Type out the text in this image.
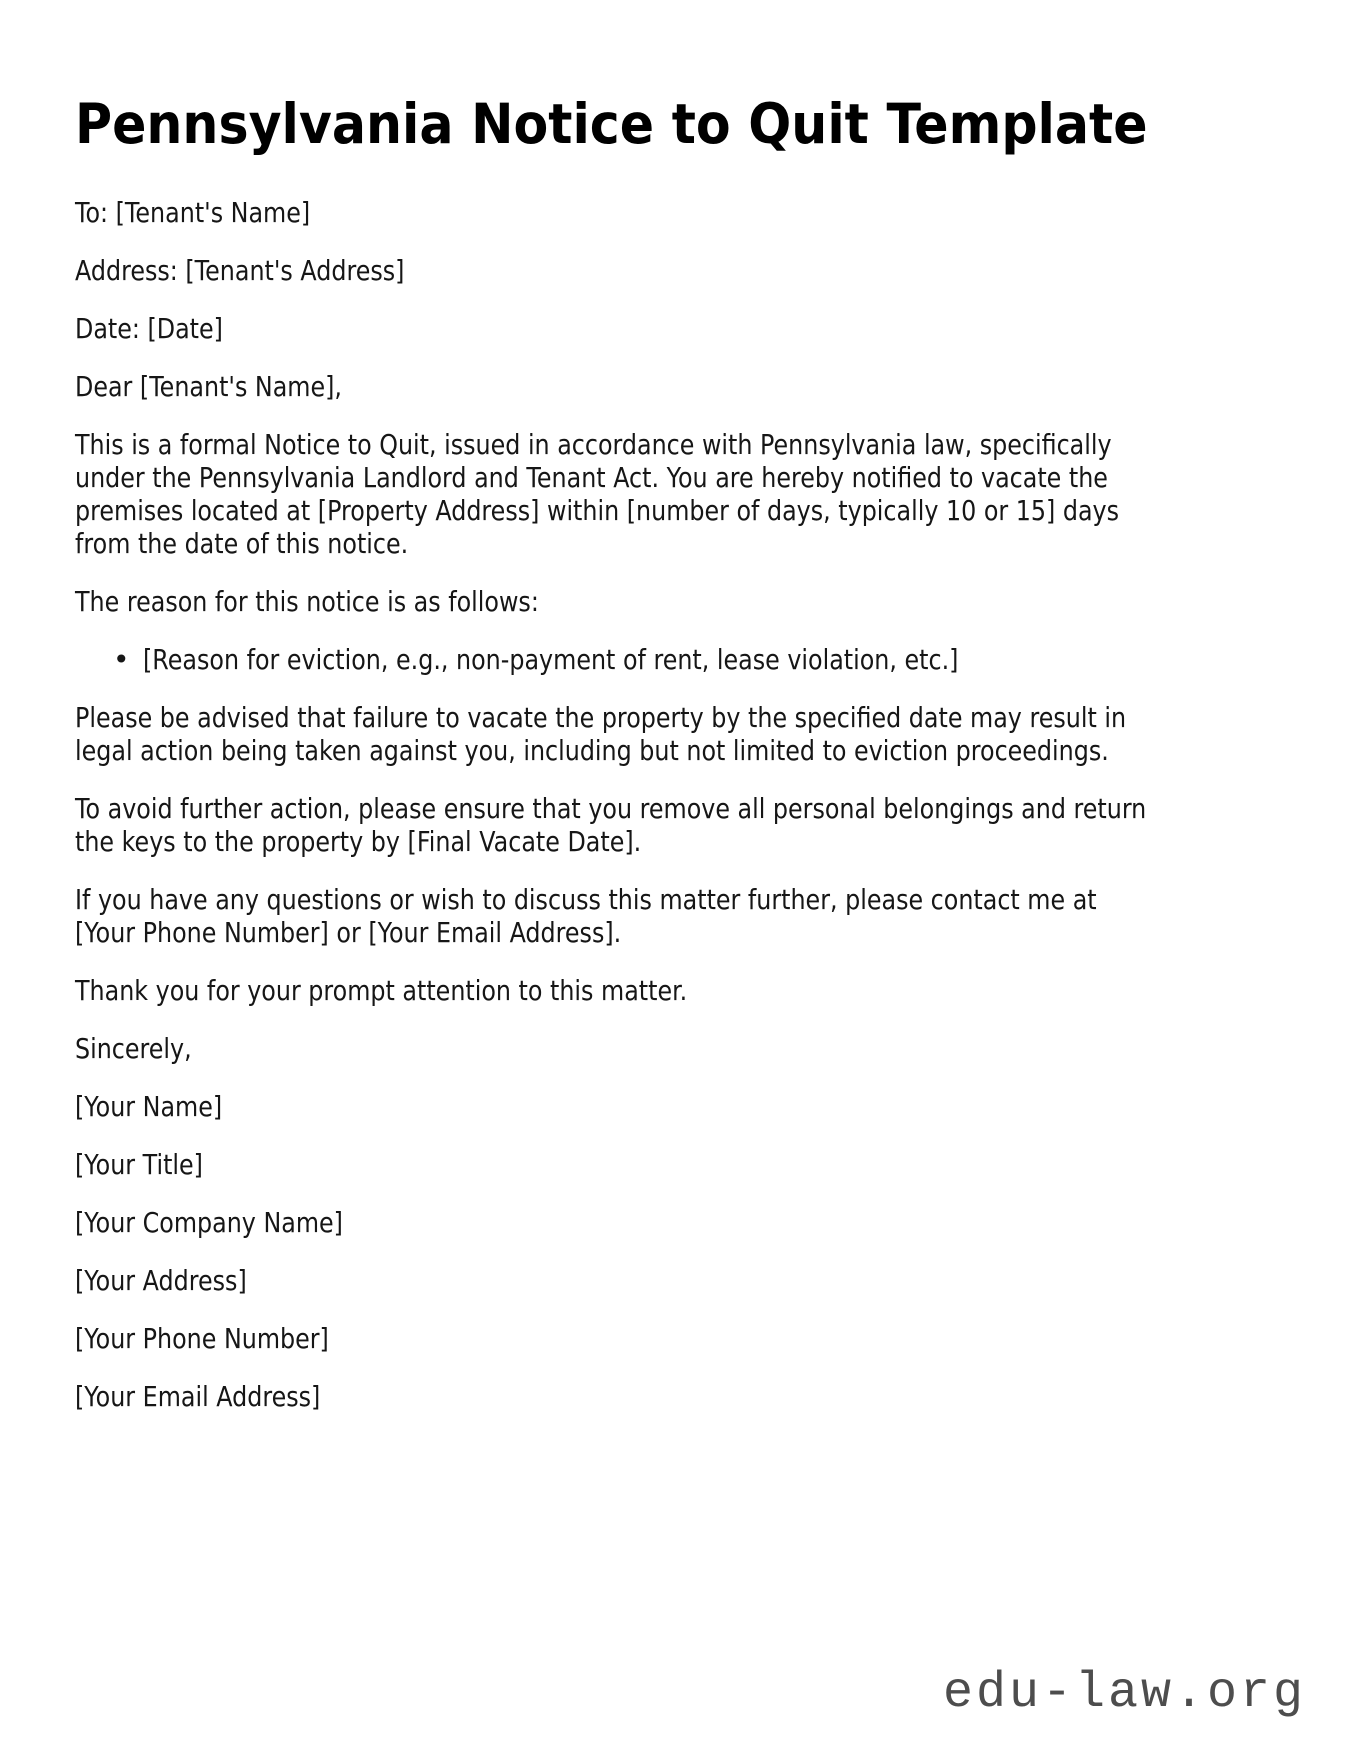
Pennsylvania Notice to Quit Template
To: [Tenant's Name]
Address: [Tenant's Address]
Date: [Date]
Dear [Tenant's Name],
This is a formal Notice to Quit, issued in accordance with Pennsylvania law, specifically
under the Pennsylvania Landlord and Tenant Act. You are hereby notified to vacate the
premises located at [Property Address] within [number of days, typically 10 or 15] days
from the date of this notice.
The reason for this notice is as follows:
• [Reason for eviction, e.g., non-payment of rent, lease violation, etc.]
Please be advised that failure to vacate the property by the specified date may result in
legal action being taken against you, including but not limited to eviction proceedings.
To avoid further action, please ensure that you remove all personal belongings and return
the keys to the property by [Final Vacate Date].
If you have any questions or wish to discuss this matter further, please contact me at
[Your Phone Number] or [Your Email Address].
Thank you for your prompt attention to this matter.
Sincerely,
[Your Name]
[Your Title]
[Your Company Name]
[Your Address]
[Your Phone Number]
[Your Email Address]
edu-law.org
